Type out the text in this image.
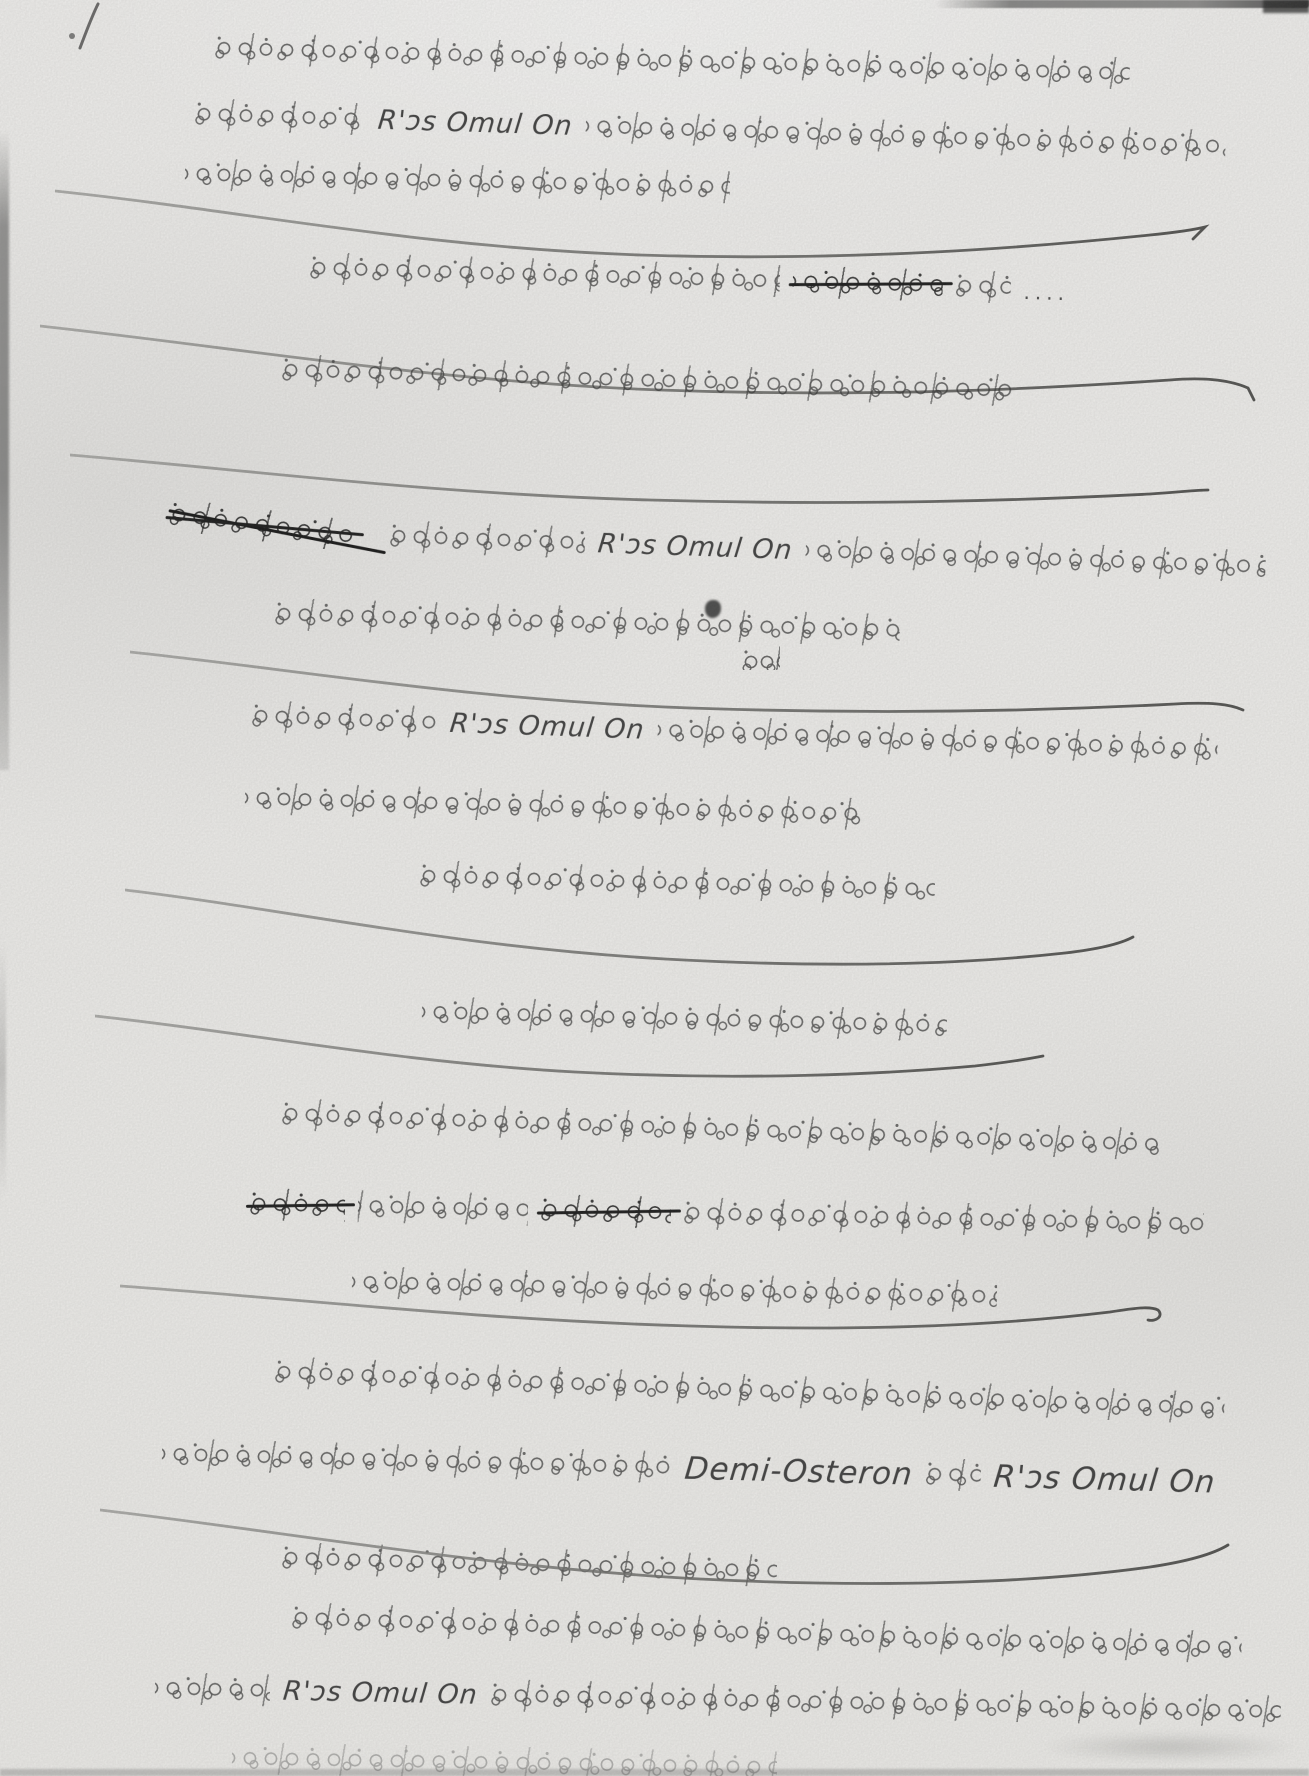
R'ɔs Omul On
....
R'ɔs Omul On
R'ɔs Omul On
Demi-Osteron	R'ɔs Omul On
R'ɔs Omul On
